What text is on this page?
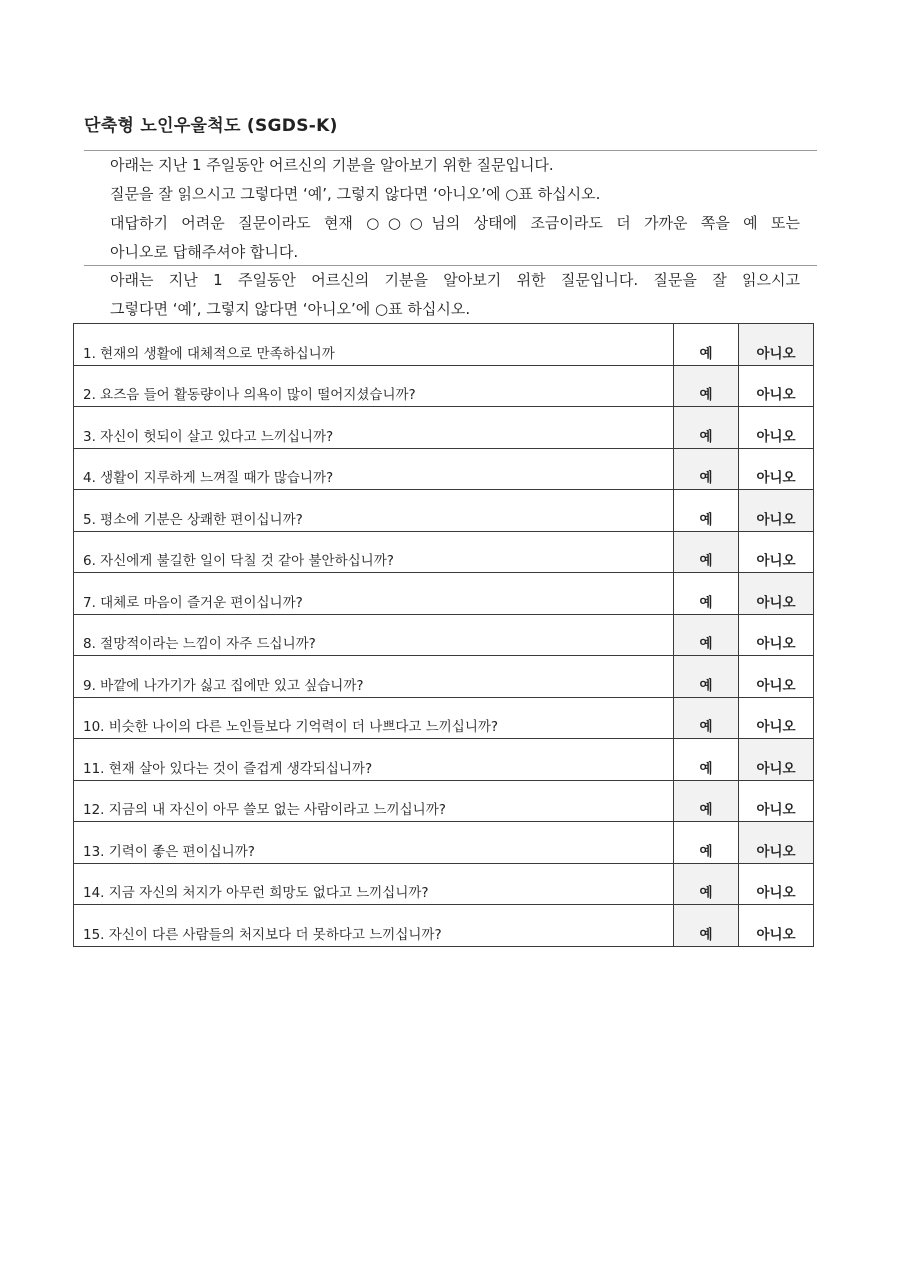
단축형 노인우울척도 (SGDS-K)
아래는 지난 1 주일동안 어르신의 기분을 알아보기 위한 질문입니다.
질문을 잘 읽으시고 그렇다면 ‘예’, 그렇지 않다면 ‘아니오’에 ○표 하십시오.
대답하기 어려운 질문이라도 현재 ○○○님의 상태에 조금이라도 더 가까운 쪽을 예 또는
아니오로 답해주셔야 합니다.
아래는 지난 1 주일동안 어르신의 기분을 알아보기 위한 질문입니다. 질문을 잘 읽으시고
그렇다면 ‘예’, 그렇지 않다면 ‘아니오’에 ○표 하십시오.
1. 현재의 생활에 대체적으로 만족하십니까	예	아니오
2. 요즈음 들어 활동량이나 의욕이 많이 떨어지셨습니까?	예	아니오
3. 자신이 헛되이 살고 있다고 느끼십니까?	예	아니오
4. 생활이 지루하게 느껴질 때가 많습니까?	예	아니오
5. 평소에 기분은 상쾌한 편이십니까?	예	아니오
6. 자신에게 불길한 일이 닥칠 것 같아 불안하십니까?	예	아니오
7. 대체로 마음이 즐거운 편이십니까?	예	아니오
8. 절망적이라는 느낌이 자주 드십니까?	예	아니오
9. 바깥에 나가기가 싫고 집에만 있고 싶습니까?	예	아니오
10. 비슷한 나이의 다른 노인들보다 기억력이 더 나쁘다고 느끼십니까?	예	아니오
11. 현재 살아 있다는 것이 즐겁게 생각되십니까?	예	아니오
12. 지금의 내 자신이 아무 쓸모 없는 사람이라고 느끼십니까?	예	아니오
13. 기력이 좋은 편이십니까?	예	아니오
14. 지금 자신의 처지가 아무런 희망도 없다고 느끼십니까?	예	아니오
15. 자신이 다른 사람들의 처지보다 더 못하다고 느끼십니까?	예	아니오
